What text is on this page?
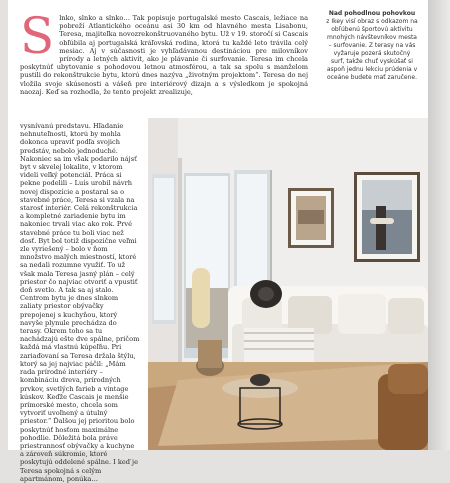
S lnko, slnko a slnko… Tak popisuje portugalské mesto Cascais, ležiace na pobreží Atlantického oceánu asi 30 km od hlavného mesta Lisabonu, Teresa, majiteľka novozrekonštruovaného bytu. Už v 19. storočí si Cascais obľúbila aj portugalská kráľovská rodina, ktorá tu každé leto trávila celý mesiac. Aj v súčasnosti je vyhľadávanou destináciou pre milovníkov prírody a letných aktivít, ako je plávanie či surfovanie. Teresa im chcela poskytnúť ubytovanie s pohodovou letnou atmosférou, a tak sa spolu s manželom pustili do rekonštrukcie bytu, ktorú dnes nazýva „životným projektom“. Teresa do nej vložila svoje skúsenosti a vášeň pre interiérový dizajn a s výsledkom je spokojná naozaj. Keď sa rozhodla, že tento projekt zrealizuje,

Nad pohodlnou pohovkou
z Ikey visí obraz s odkazom na obľúbenú športovú aktivitu mnohých návštevníkov mesta – surfovanie. Z terasy na vás vyžaruje pozerá skutočný surf, takže chuť vyskúšať si aspoň jednu lekciu prúdenia v oceáne budete mať zaručene.

vysnívanú predstavu. Hľadanie nehnuteľnosti, ktorú by mohla dokonca upraviť podľa svojich predstáv, nebolo jednoduché. Nakoniec sa im však podarilo nájsť byt v skvelej lokalite, v ktorom videli veľký potenciál. Práca si pekne podelili – Luís urobil návrh novej dispozície a postaral sa o stavebné práce, Teresa si vzala na starosť interiér. Celá rekonštrukcia a kompletné zariadenie bytu im nakoniec trvali viac ako rok. Prvé stavebné práce tu boli viac než dosť. Byt bol totiž dispozične veľmi zle vyriešený – bolo v ňom množstvo malých miestností, ktoré sa nedali rozumne využiť. To už však mala Teresa jasný plán – celý priestor čo najviac otvoriť a vpustiť doň svetlo. A tak sa aj stalo. Centrom bytu je dnes slnkom zaliaty priestor obývačky prepojenej s kuchyňou, ktorý navyše plynule prechádza do terasy. Okrem toho sa tu nachádzajú ešte dve spálne, pričom každá má vlastnú kúpeľňu. Pri zariaďovaní sa Teresa držala štýlu, ktorý sa jej najviac páčil: „Mám rada prírodné interiéry – kombináciu dreva, prírodných prvkov, svetlých farieb a vintage kúskov. Keďže Cascais je menšie prímorské mesto, chcela som vytvoriť uvoľnený a útulný priestor.“ Ďalšou jej prioritou bolo poskytnúť hosťom maximálne pohodlie. Dôležitá bola práve priestrannosť obývačky a kuchyne a zároveň súkromie, ktoré poskytujú oddelené spálne. I keď je Teresa spokojná s celým apartmánom, ponúka…
